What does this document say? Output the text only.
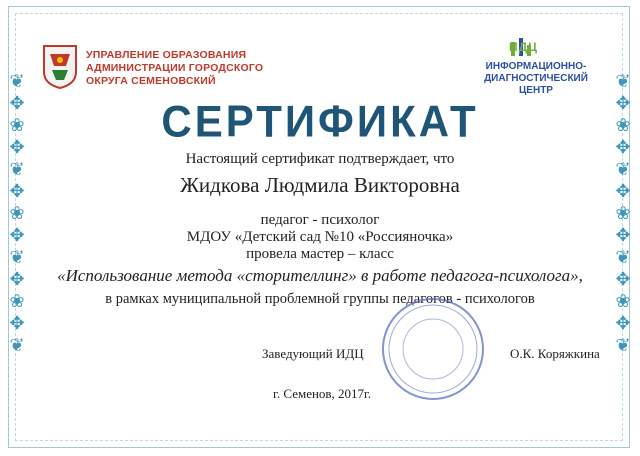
❦
✥
❀
✥
❦
✥
❀
✥
❦
✥
❀
✥
❦
❦
✥
❀
✥
❦
✥
❀
✥
❦
✥
❀
✥
❦
УПРАВЛЕНИЕ ОБРАЗОВАНИЯ
АДМИНИСТРАЦИИ ГОРОДСКОГО
ОКРУГА СЕМЕНОВСКИЙ
ИДЦ
ИНФОРМАЦИОННО-
ДИАГНОСТИЧЕСКИЙ
ЦЕНТР
СЕРТИФИКАТ
Настоящий сертификат подтверждает, что
Жидкова Людмила Викторовна
педагог - психолог
МДОУ «Детский сад №10 «Россияночка»
провела мастер – класс
«Использование метода «сторителлинг» в работе педагога-психолога»,
в рамках муниципальной проблемной группы педагогов - психологов
Заведующий ИДЦ	О.К. Коряжкина
г. Семенов, 2017г.
